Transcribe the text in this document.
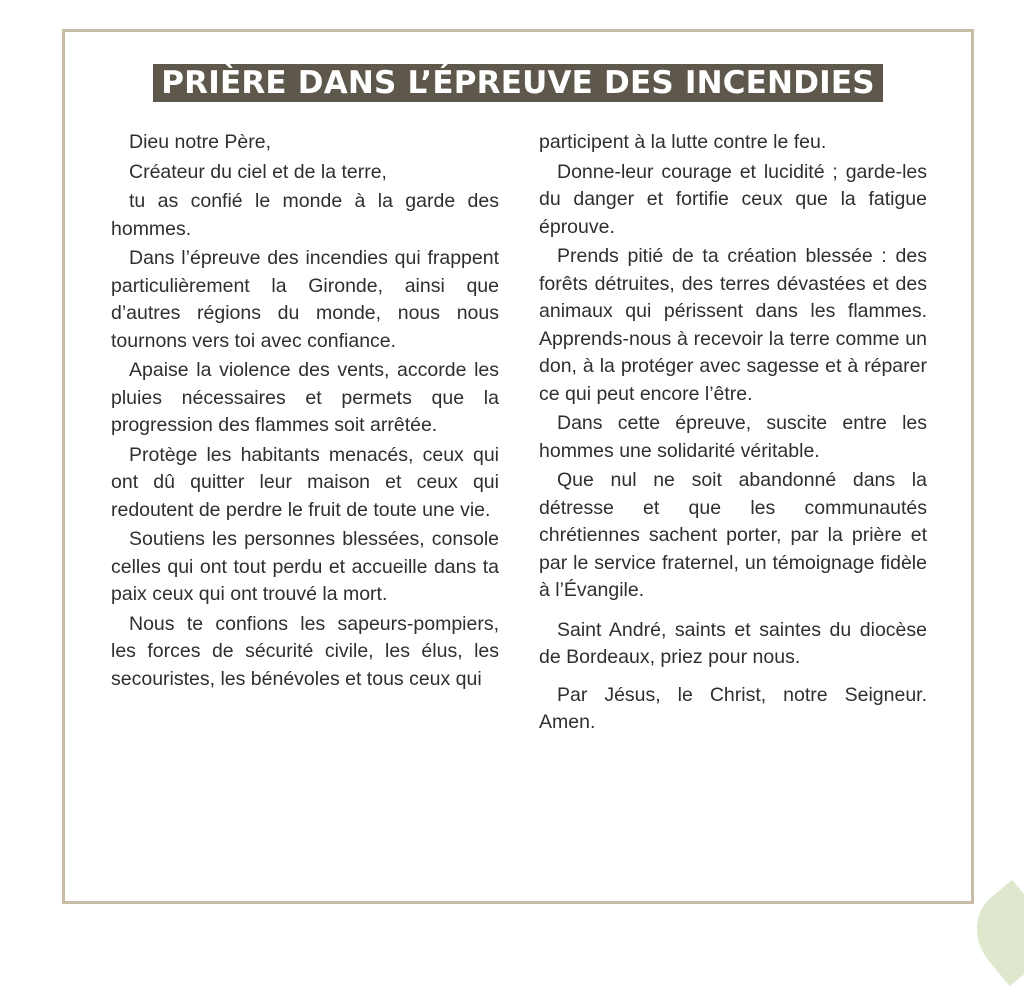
PRIÈRE DANS L’ÉPREUVE DES INCENDIES

Dieu notre Père,

Créateur du ciel et de la terre,

tu as confié le monde à la garde des hommes.

Dans l’épreuve des incendies qui frappent particulièrement la Gironde, ainsi que d’autres régions du monde, nous nous tournons vers toi avec confiance.

Apaise la violence des vents, accorde les pluies nécessaires et permets que la progression des flammes soit arrêtée.

Protège les habitants menacés, ceux qui ont dû quitter leur maison et ceux qui redoutent de perdre le fruit de toute une vie.

Soutiens les personnes blessées, console celles qui ont tout perdu et accueille dans ta paix ceux qui ont trouvé la mort.

Nous te confions les sapeurs-pompiers, les forces de sécurité civile, les élus, les secouristes, les bénévoles et tous ceux qui

participent à la lutte contre le feu.

Donne-leur courage et lucidité ; garde-les du danger et fortifie ceux que la fatigue éprouve.

Prends pitié de ta création blessée : des forêts détruites, des terres dévastées et des animaux qui périssent dans les flammes. Apprends-nous à recevoir la terre comme un don, à la protéger avec sagesse et à réparer ce qui peut encore l’être.

Dans cette épreuve, suscite entre les hommes une solidarité véritable.

Que nul ne soit abandonné dans la détresse et que les communautés chrétiennes sachent porter, par la prière et par le service fraternel, un témoignage fidèle à l’Évangile.

Saint André, saints et saintes du diocèse de Bordeaux, priez pour nous.

Par Jésus, le Christ, notre Seigneur. Amen.
